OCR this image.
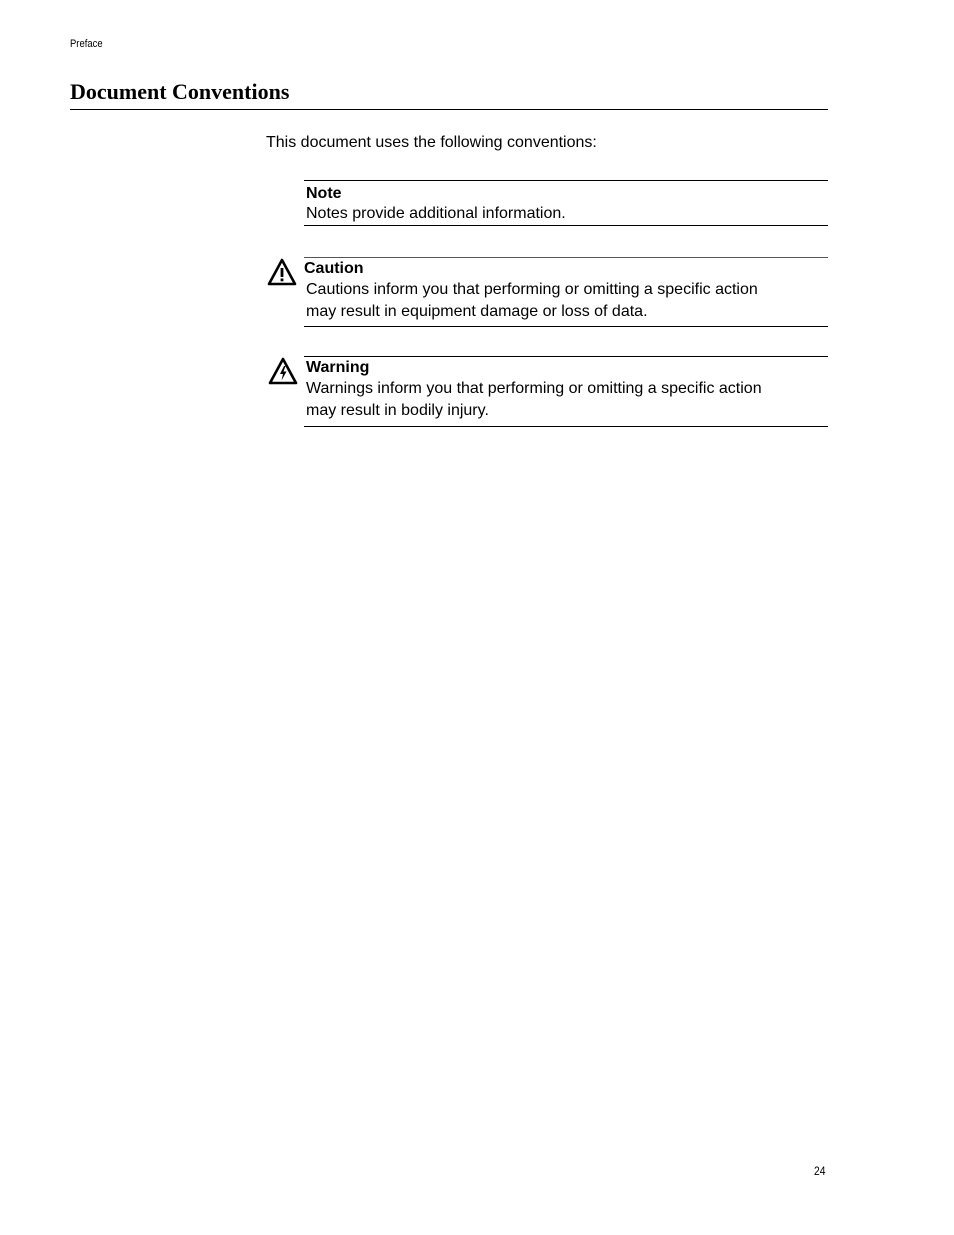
Preface
Document Conventions
This document uses the following conventions:
Note
Notes provide additional information.
Caution
Cautions inform you that performing or omitting a specific action
may result in equipment damage or loss of data.
Warning
Warnings inform you that performing or omitting a specific action
may result in bodily injury.
24
